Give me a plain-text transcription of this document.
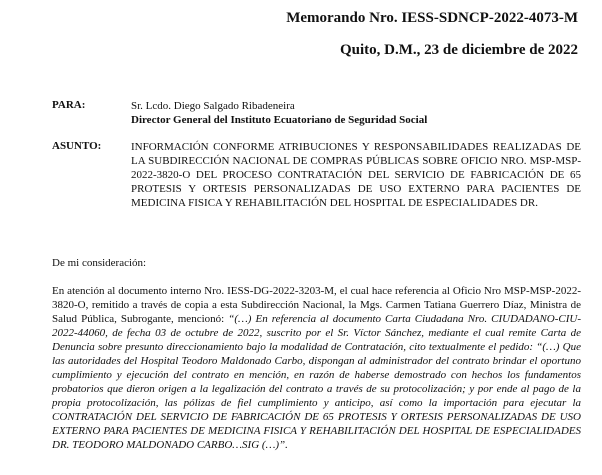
Memorando Nro. IESS-SDNCP-2022-4073-M
Quito, D.M., 23 de diciembre de 2022
PARA:	Sr. Lcdo. Diego Salgado Ribadeneira
Director General del Instituto Ecuatoriano de Seguridad Social
ASUNTO:	INFORMACIÓN CONFORME ATRIBUCIONES Y RESPONSABILIDADES REALIZADAS DE LA SUBDIRECCIÓN NACIONAL DE COMPRAS PÚBLICAS SOBRE OFICIO NRO. MSP-MSP-2022-3820-O DEL PROCESO CONTRATACIÓN DEL SERVICIO DE FABRICACIÓN DE 65 PROTESIS Y ORTESIS PERSONALIZADAS DE USO EXTERNO PARA PACIENTES DE MEDICINA FISICA Y REHABILITACIÓN DEL HOSPITAL DE ESPECIALIDADES DR.
De mi consideración:
En atención al documento interno Nro. IESS-DG-2022-3203-M, el cual hace referencia al Oficio Nro MSP-MSP-2022-3820-O, remitido a través de copia a esta Subdirección Nacional, la Mgs. Carmen Tatiana Guerrero Díaz, Ministra de Salud Pública, Subrogante, mencionó: “(…) En referencia al documento Carta Ciudadana Nro. CIUDADANO-CIU-2022-44060, de fecha 03 de octubre de 2022, suscrito por el Sr. Víctor Sánchez, mediante el cual remite Carta de Denuncia sobre presunto direccionamiento bajo la modalidad de Contratación, cito textualmente el pedido: “(…) Que las autoridades del Hospital Teodoro Maldonado Carbo, dispongan al administrador del contrato brindar el oportuno cumplimiento y ejecución del contrato en mención, en razón de haberse demostrado con hechos los fundamentos probatorios que dieron origen a la legalización del contrato a través de su protocolización; y por ende al pago de la propia protocolización, las pólizas de fiel cumplimiento y anticipo, así como la importación para ejecutar la CONTRATACIÓN DEL SERVICIO DE FABRICACIÓN DE 65 PROTESIS Y ORTESIS PERSONALIZADAS DE USO EXTERNO PARA PACIENTES DE MEDICINA FISICA Y REHABILITACIÓN DEL HOSPITAL DE ESPECIALIDADES DR. TEODORO MALDONADO CARBO…SIG (…)”.
